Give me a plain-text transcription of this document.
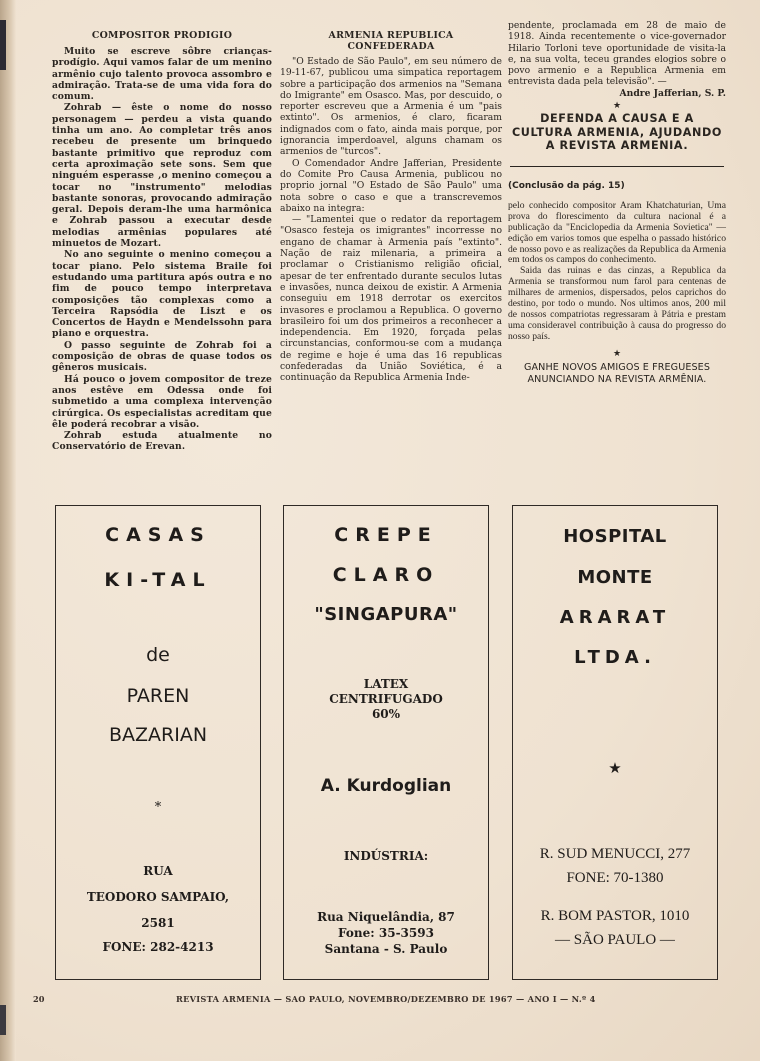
COMPOSITOR PRODIGIO

Muito se escreve sôbre crianças-prodígio. Aqui vamos falar de um menino armênio cujo talento provoca assombro e admiração. Trata-se de uma vida fora do comum.

Zohrab — êste o nome do nosso personagem — perdeu a vista quando tinha um ano. Ao completar três anos recebeu de presente um brinquedo bastante primitivo que reproduz com certa aproximação sete sons. Sem que ninguém esperasse ,o menino começou a tocar no "instrumento" melodias bastante sonoras, provocando admiração geral. Depois deram-lhe uma harmônica e Zohrab passou a executar desde melodias armênias populares até minuetos de Mozart.

No ano seguinte o menino começou a tocar piano. Pelo sistema Braile foi estudando uma partitura após outra e no fim de pouco tempo interpretava composições tão complexas como a Terceira Rapsódia de Liszt e os Concertos de Haydn e Mendelssohn para piano e orquestra.

O passo seguinte de Zohrab foi a composição de obras de quase todos os gêneros musicais.

Há pouco o jovem compositor de treze anos estêve em Odessa onde foi submetido a uma complexa intervenção cirúrgica. Os especialistas acreditam que êle poderá recobrar a visão.

Zohrab estuda atualmente no Conservatório de Erevan.

ARMENIA REPUBLICA
CONFEDERADA

"O Estado de São Paulo", em seu número de 19-11-67, publicou uma simpatica reportagem sobre a participação dos armenios na "Semana do Imigrante" em Osasco. Mas, por descuido, o reporter escreveu que a Armenia é um "pais extinto". Os armenios, é claro, ficaram indignados com o fato, ainda mais porque, por ignorancia imperdoavel, alguns chamam os armenios de "turcos".

O Comendador Andre Jafferian, Presidente do Comite Pro Causa Armenia, publicou no proprio jornal "O Estado de São Paulo" uma nota sobre o caso e que a transcrevemos abaixo na integra:

— "Lamentei que o redator da reportagem "Osasco festeja os imigrantes" incorresse no engano de chamar à Armenia país "extinto". Nação de raiz milenaria, a primeira a proclamar o Cristianismo religião oficial, apesar de ter enfrentado durante seculos lutas e invasões, nunca deixou de existir. A Armenia conseguiu em 1918 derrotar os exercitos invasores e proclamou a Republica. O governo brasileiro foi um dos primeiros a reconhecer a independencia. Em 1920, forçada pelas circunstancias, conformou-se com a mudança de regime e hoje é uma das 16 republicas confederadas da União Soviética, é a continuação da Republica Armenia Inde-

pendente, proclamada em 28 de maio de 1918. Ainda recentemente o vice-governador Hilario Torloni teve oportunidade de visita-la e, na sua volta, teceu grandes elogios sobre o povo armenio e a Republica Armenia em entrevista dada pela televisão". —

Andre Jafferian, S. P.
★
DEFENDA A CAUSA E A CULTURA ARMENIA, AJUDANDO A REVISTA ARMENIA.
(Conclusão da pág. 15)

pelo conhecido compositor Aram Khatchaturian, Uma prova do florescimento da cultura nacional é a publicação da "Enciclopedia da Armenia Sovietica" — edição em varios tomos que espelha o passado histórico de nosso povo e as realizações da Republica da Armenia em todos os campos do conhecimento.

Saida das ruinas e das cinzas, a Republica da Armenia se transformou num farol para centenas de milhares de armenios, dispersados, pelos caprichos do destino, por todo o mundo. Nos ultimos anos, 200 mil de nossos compatriotas regressaram à Pátria e prestam uma consideravel contribuição à causa do progresso do nosso país.

★
GANHE NOVOS AMIGOS E FREGUESES
ANUNCIANDO NA REVISTA ARMÊNIA.
CASAS
KI-TAL
de
PAREN
BAZARIAN
*
RUA
TEODORO SAMPAIO,
2581
FONE: 282-4213
CREPE
CLARO
"SINGAPURA"
LATEX
CENTRIFUGADO
60%
A. Kurdoglian
INDÚSTRIA:
Rua Niquelândia, 87
Fone: 35-3593
Santana - S. Paulo
HOSPITAL
MONTE
ARARAT
LTDA.
★
R. SUD MENUCCI, 277
FONE: 70-1380
R. BOM PASTOR, 1010
— SÃO PAULO —
20	REVISTA ARMENIA — SAO PAULO, NOVEMBRO/DEZEMBRO DE 1967 — ANO I — N.º 4
